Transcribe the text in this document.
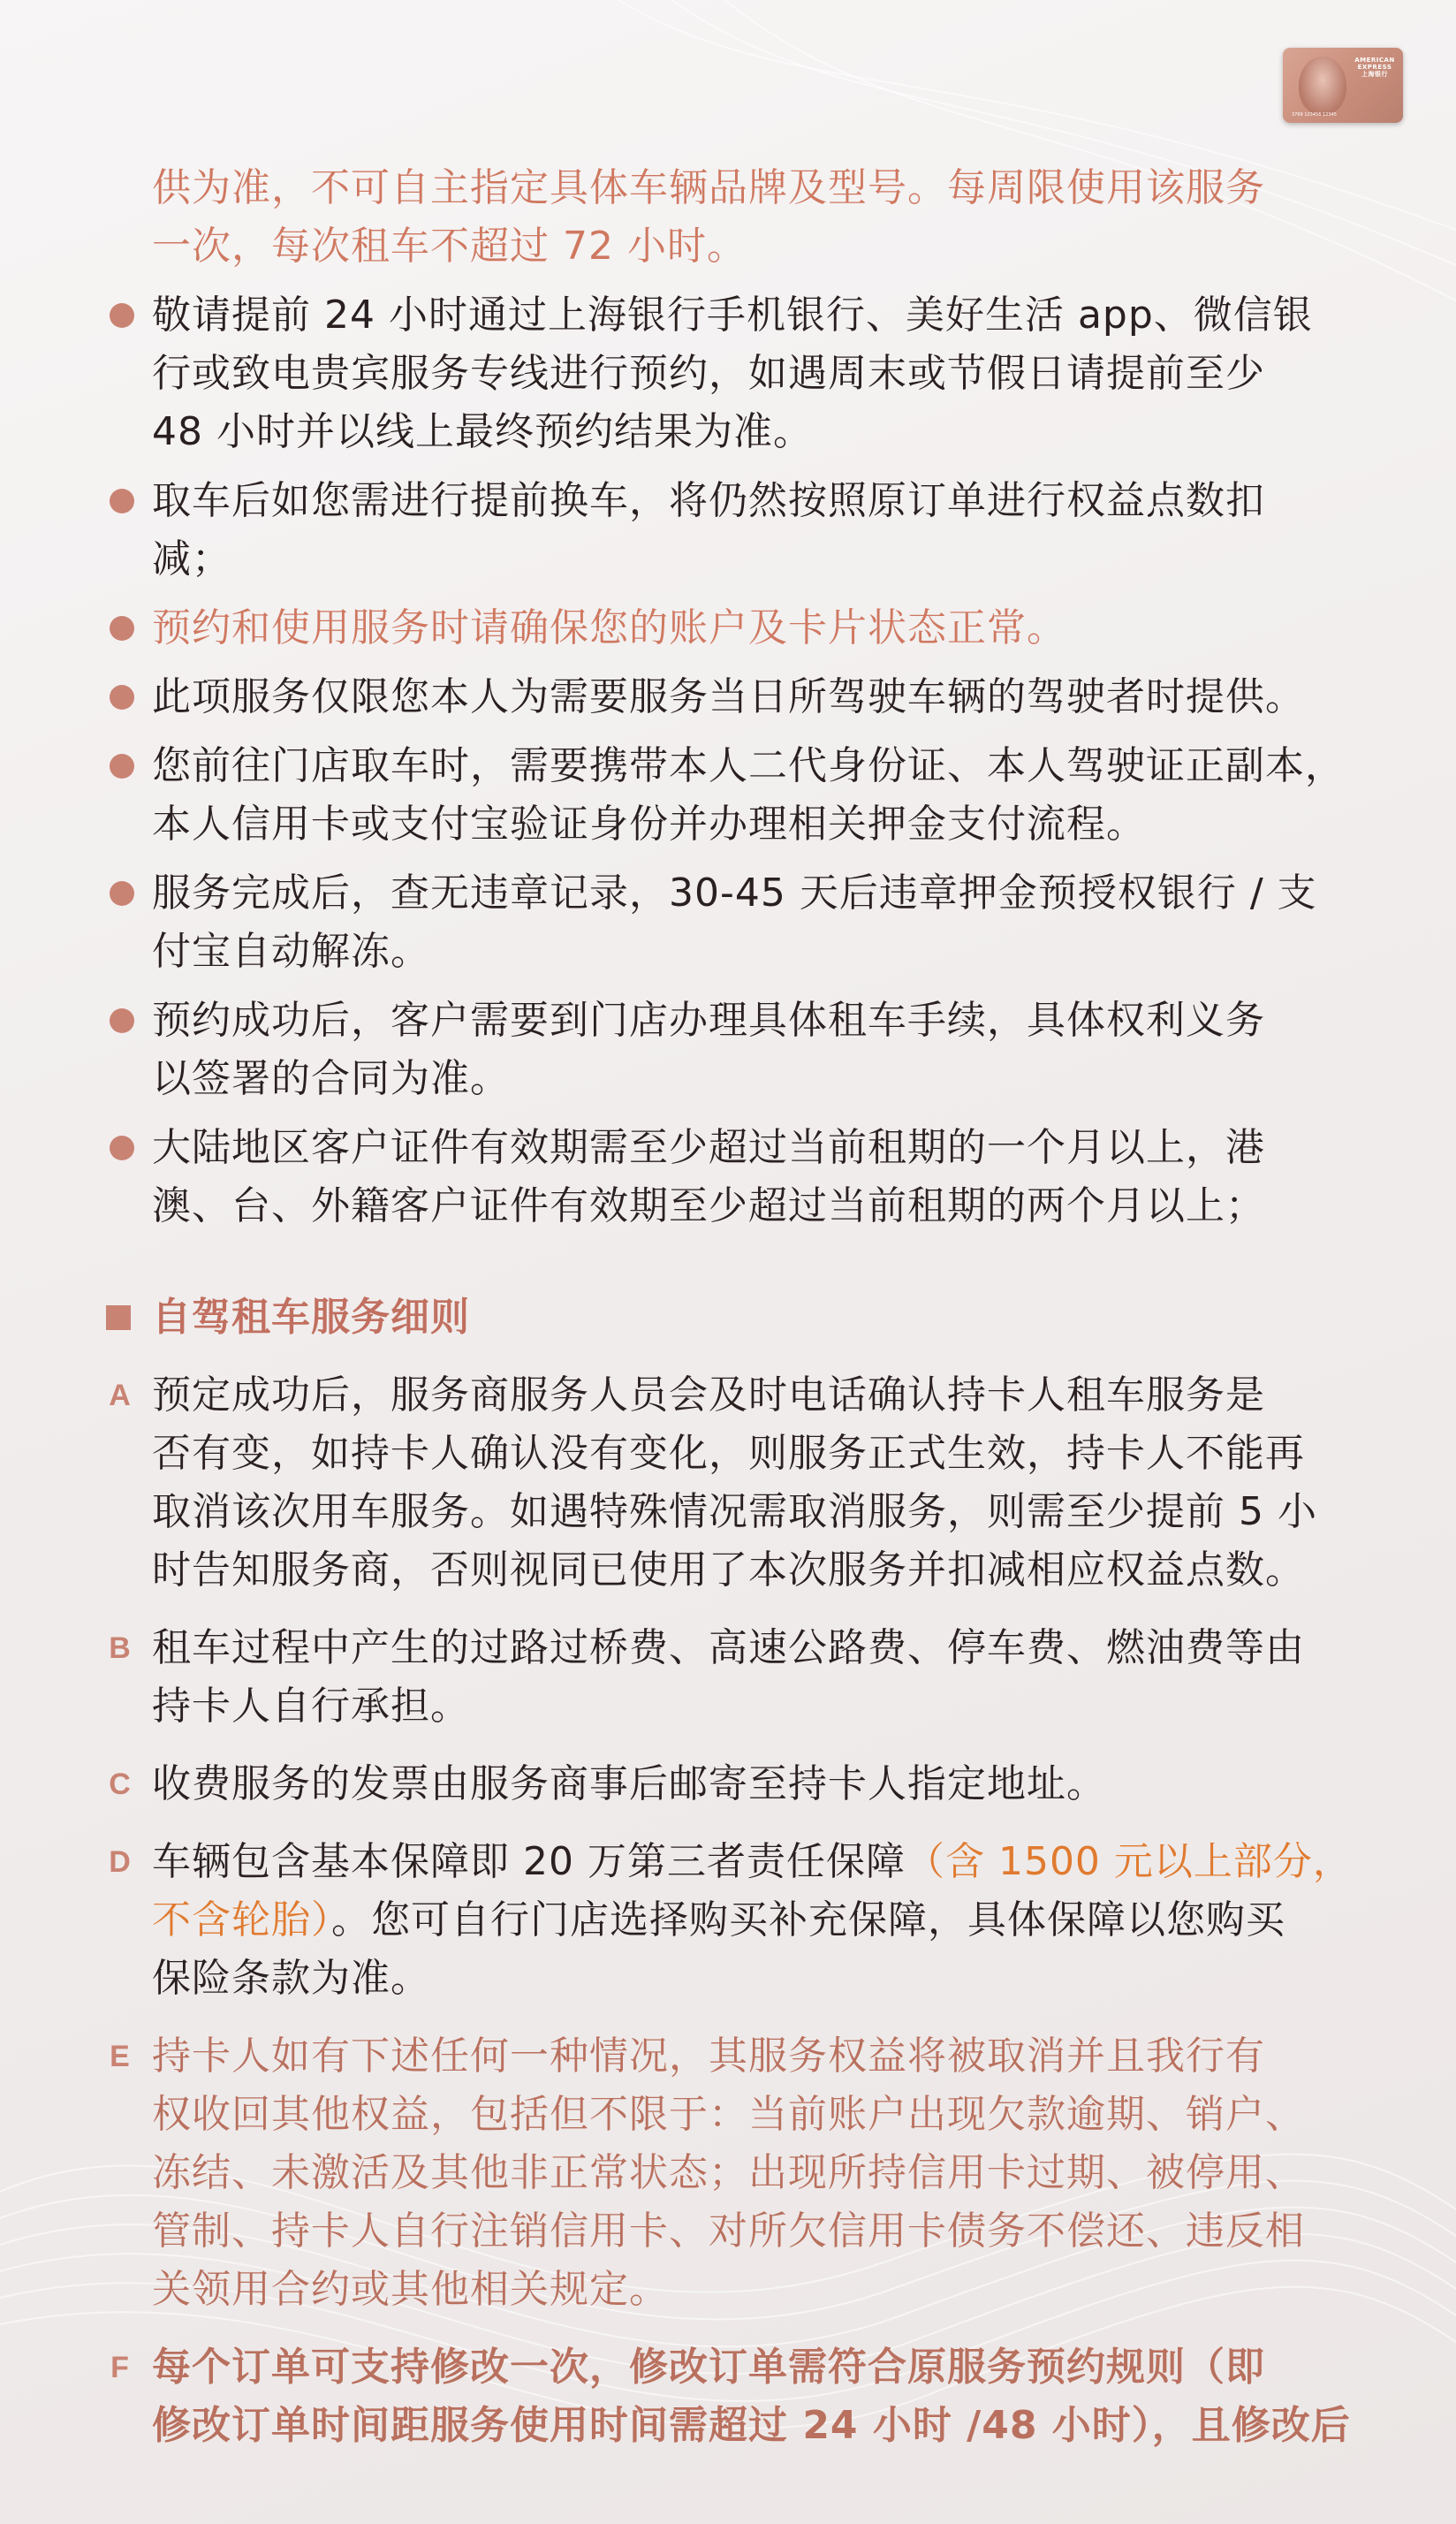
AMERICAN
EXPRESS
上海银行
3769 123456 12345
供为准，不可自主指定具体车辆品牌及型号。每周限使用该服务
一次，每次租车不超过 72 小时。
敬请提前 24 小时通过上海银行手机银行、美好生活 app、微信银
行或致电贵宾服务专线进行预约，如遇周末或节假日请提前至少
48 小时并以线上最终预约结果为准。
取车后如您需进行提前换车，将仍然按照原订单进行权益点数扣
减；
预约和使用服务时请确保您的账户及卡片状态正常。
此项服务仅限您本人为需要服务当日所驾驶车辆的驾驶者时提供。
您前往门店取车时，需要携带本人二代身份证、本人驾驶证正副本，
本人信用卡或支付宝验证身份并办理相关押金支付流程。
服务完成后，查无违章记录，30-45 天后违章押金预授权银行 / 支
付宝自动解冻。
预约成功后，客户需要到门店办理具体租车手续，具体权利义务
以签署的合同为准。
大陆地区客户证件有效期需至少超过当前租期的一个月以上，港
澳、台、外籍客户证件有效期至少超过当前租期的两个月以上；
自驾租车服务细则
A 预定成功后，服务商服务人员会及时电话确认持卡人租车服务是
否有变，如持卡人确认没有变化，则服务正式生效，持卡人不能再
取消该次用车服务。如遇特殊情况需取消服务，则需至少提前 5 小
时告知服务商，否则视同已使用了本次服务并扣减相应权益点数。
B 租车过程中产生的过路过桥费、高速公路费、停车费、燃油费等由
持卡人自行承担。
C 收费服务的发票由服务商事后邮寄至持卡人指定地址。
D 车辆包含基本保障即 20 万第三者责任保障（含 1500 元以上部分，
不含轮胎）。您可自行门店选择购买补充保障，具体保障以您购买
保险条款为准。
E 持卡人如有下述任何一种情况，其服务权益将被取消并且我行有
权收回其他权益，包括但不限于：当前账户出现欠款逾期、销户、
冻结、未激活及其他非正常状态；出现所持信用卡过期、被停用、
管制、持卡人自行注销信用卡、对所欠信用卡债务不偿还、违反相
关领用合约或其他相关规定。
F 每个订单可支持修改一次，修改订单需符合原服务预约规则（即
修改订单时间距服务使用时间需超过 24 小时 /48 小时），且修改后
